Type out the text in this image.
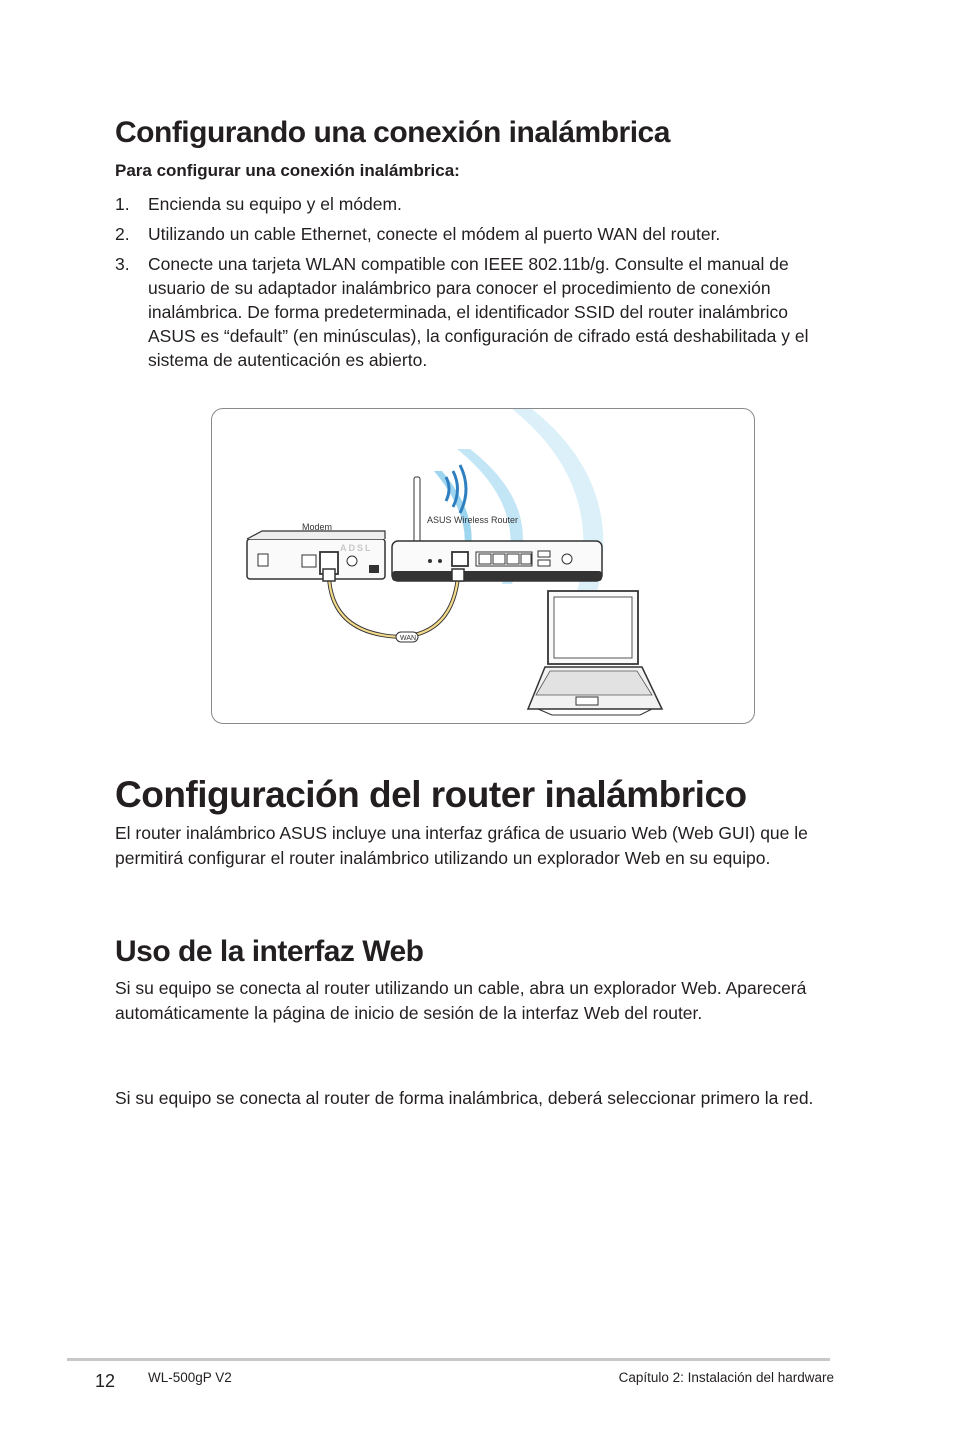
Configurando una conexión inalámbrica

Para configurar una conexión inalámbrica:

1. Encienda su equipo y el módem.
2. Utilizando un cable Ethernet, conecte el módem al puerto WAN del router.
3. Conecte una tarjeta WLAN compatible con IEEE 802.11b/g. Consulte el manual de usuario de su adaptador inalámbrico para conocer el procedimiento de conexión inalámbrica. De forma predeterminada, el identificador SSID del router inalámbrico ASUS es “default” (en minúsculas), la configuración de cifrado está deshabilitada y el sistema de autenticación es abierto.
Modem
ADSL
ASUS Wireless Router
WAN
Configuración del router inalámbrico

El router inalámbrico ASUS incluye una interfaz gráfica de usuario Web (Web GUI) que le permitirá configurar el router inalámbrico utilizando un explorador Web en su equipo.

Uso de la interfaz Web

Si su equipo se conecta al router utilizando un cable, abra un explorador Web. Aparecerá automáticamente la página de inicio de sesión de la interfaz Web del router.

Si su equipo se conecta al router de forma inalámbrica, deberá seleccionar primero la red.

12 WL-500gP V2	Capítulo 2: Instalación del hardware
